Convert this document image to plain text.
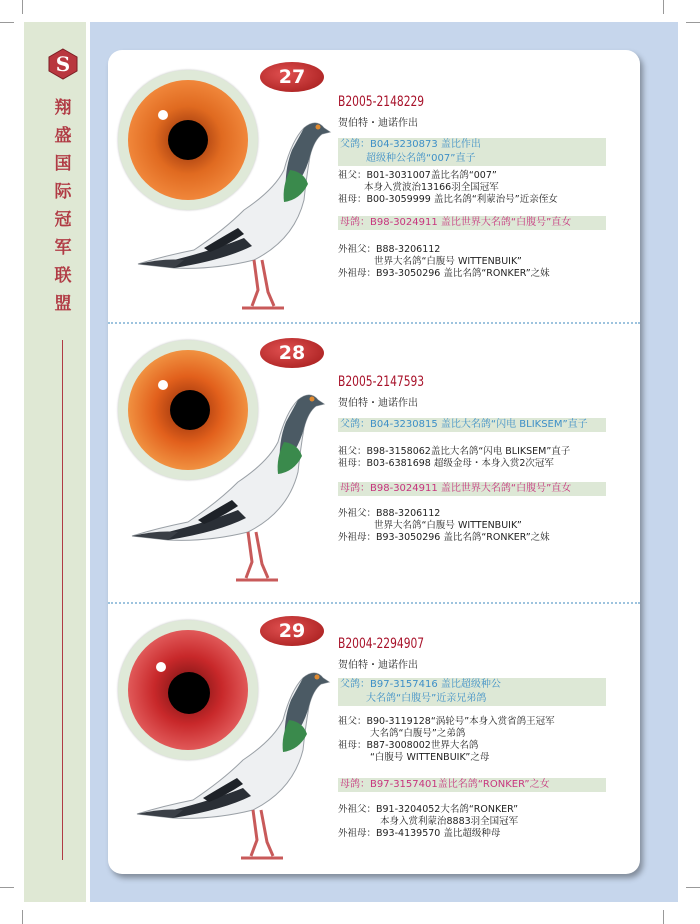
S
翔
盛
国
际
冠
军
联
盟
27
B2005-2148229
贺伯特・迪诺作出
父鸽：B04-3230873 盖比作出
超级种公名鸽“007”直子
祖父：B01-3031007盖比名鸽“007”
本身入赏波治13166羽全国冠军
祖母：B00-3059999 盖比名鸽“利蒙治号”近亲侄女
母鸽：B98-3024911 盖比世界大名鸽“白腹号”直女
外祖父：B88-3206112
世界大名鸽“白腹号 WITTENBUIK”
外祖母：B93-3050296 盖比名鸽“RONKER”之妹
28
B2005-2147593
贺伯特・迪诺作出
父鸽：B04-3230815 盖比大名鸽“闪电 BLIKSEM”直子
祖父：B98-3158062盖比大名鸽“闪电 BLIKSEM”直子
祖母：B03-6381698 超级金母・本身入赏2次冠军
母鸽：B98-3024911 盖比世界大名鸽“白腹号”直女
外祖父：B88-3206112
世界大名鸽“白腹号 WITTENBUIK”
外祖母：B93-3050296 盖比名鸽“RONKER”之妹
29
B2004-2294907
贺伯特・迪诺作出
父鸽：B97-3157416 盖比超级种公
大名鸽“白腹号”近亲兄弟鸽
祖父：B90-3119128“涡轮号”本身入赏省鸽王冠军
大名鸽“白腹号”之弟鸽
祖母：B87-3008002世界大名鸽
“白腹号 WITTENBUIK”之母
母鸽：B97-3157401盖比名鸽“RONKER”之女
外祖父：B91-3204052大名鸽“RONKER”
本身入赏利蒙治8883羽全国冠军
外祖母：B93-4139570 盖比超级种母
